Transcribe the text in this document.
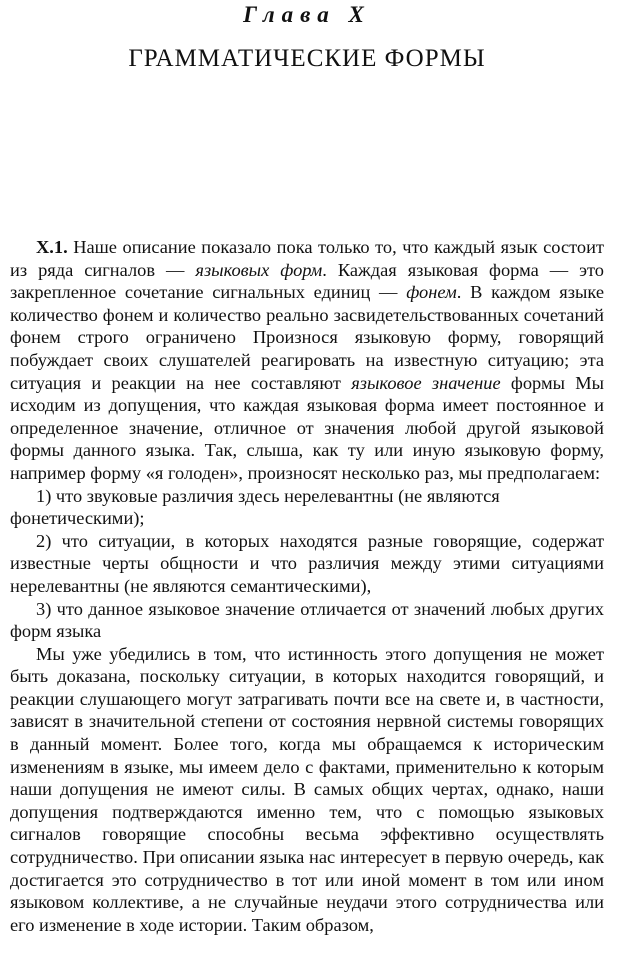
Глава X
ГРАММАТИЧЕСКИЕ ФОРМЫ

X.1. Наше описание показало пока только то, что каждый язык состоит из ряда сигналов — языковых форм. Каждая языковая форма — это закрепленное сочетание сигнальных единиц — фонем. В каждом языке количество фонем и количество реально засвидетельствованных сочетаний фонем строго ограничено Произнося языковую форму, говорящий побуждает своих слушателей реагировать на известную ситуацию; эта ситуация и реакции на нее составляют языковое значение формы Мы исходим из допущения, что каждая языковая форма имеет постоянное и определенное значение, отличное от значения любой другой языковой формы данного языка. Так, слыша, как ту или иную языковую форму, например форму «я голоден», произносят несколько раз, мы предполагаем:

1) что звуковые различия здесь нерелевантны (не являются

фонетическими);

2) что ситуации, в которых находятся разные говорящие, содержат известные черты общности и что различия между этими ситуациями нерелевантны (не являются семантическими),

3) что данное языковое значение отличается от значений любых других форм языка

Мы уже убедились в том, что истинность этого допущения не может быть доказана, поскольку ситуации, в которых находится говорящий, и реакции слушающего могут затрагивать почти все на свете и, в частности, зависят в значительной степени от состояния нервной системы говорящих в данный момент. Более того, когда мы обращаемся к историческим изменениям в языке, мы имеем дело с фактами, применительно к которым наши допущения не имеют силы. В самых общих чертах, однако, наши допущения подтверждаются именно тем, что с помощью языковых сигналов говорящие способны весьма эффективно осуществлять сотрудничество. При описании языка нас интересует в первую очередь, как достигается это сотрудничество в тот или иной момент в том или ином языковом коллективе, а не случайные неудачи этого сотрудничества или его изменение в ходе истории. Таким образом,
